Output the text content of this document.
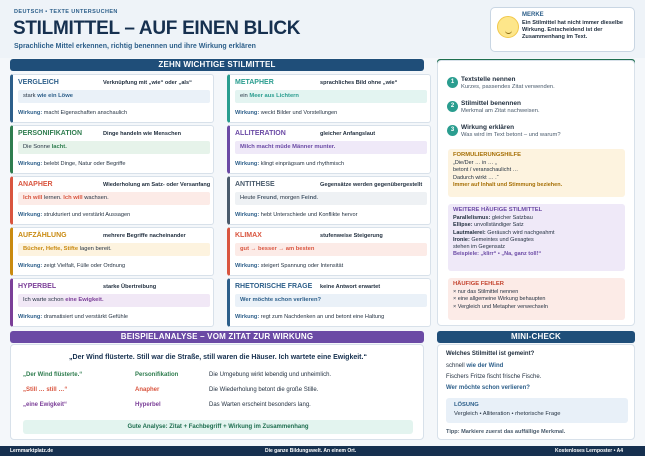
DEUTSCH • TEXTE UNTERSUCHEN
STILMITTEL – AUF EINEN BLICK
Sprachliche Mittel erkennen, richtig benennen und ihre Wirkung erklären
MERKE
Ein Stilmittel hat nicht immer dieselbe Wirkung. Entscheidend ist der Zusammenhang im Text.
ZEHN WICHTIGE STILMITTEL
VERGLEICH	Verknüpfung mit „wie“ oder „als“
stark wie ein Löwe
Wirkung: macht Eigenschaften anschaulich
METAPHER	sprachliches Bild ohne „wie“
ein Meer aus Lichtern
Wirkung: weckt Bilder und Vorstellungen
PERSONIFIKATION	Dinge handeln wie Menschen
Die Sonne lacht.
Wirkung: belebt Dinge, Natur oder Begriffe
ALLITERATION	gleicher Anfangslaut
Milch macht müde Männer munter.
Wirkung: klingt einprägsam und rhythmisch
ANAPHER	Wiederholung am Satz- oder Versanfang
Ich will lernen. Ich will wachsen.
Wirkung: strukturiert und verstärkt Aussagen
ANTITHESE	Gegensätze werden gegenübergestellt
Heute Freund, morgen Feind.
Wirkung: hebt Unterschiede und Konflikte hervor
AUFZÄHLUNG	mehrere Begriffe nacheinander
Bücher, Hefte, Stifte lagen bereit.
Wirkung: zeigt Vielfalt, Fülle oder Ordnung
KLIMAX	stufenweise Steigerung
gut → besser → am besten
Wirkung: steigert Spannung oder Intensität
HYPERBEL	starke Übertreibung
Ich warte schon eine Ewigkeit.
Wirkung: dramatisiert und verstärkt Gefühle
RHETORISCHE FRAGE keine Antwort erwartet
Wer möchte schon verlieren?
Wirkung: regt zum Nachdenken an und betont eine Haltung
1	Textstelle nennen
Kurzes, passendes Zitat verwenden.
2	Stilmittel benennen
Merkmal am Zitat nachweisen.
3	Wirkung erklären
Was wird im Text betont – und warum?
FORMULIERUNGSHILFE
„Die/Der … in … „
betont / veranschaulicht …
Dadurch wirkt … .“
Immer auf Inhalt und Stimmung beziehen.
WEITERE HÄUFIGE STILMITTEL
Parallelismus: gleicher Satzbau
Ellipse: unvollständiger Satz
Lautmalerei: Geräusch wird nachgeahmt
Ironie: Gemeintes und Gesagtes
stehen im Gegensatz
Beispiele: „klirr“ • „Na, ganz toll!“
HÄUFIGE FEHLER
× nur das Stilmittel nennen
× eine allgemeine Wirkung behaupten
× Vergleich und Metapher verwechseln
BEISPIELANALYSE – VOM ZITAT ZUR WIRKUNG
„Der Wind flüsterte. Still war die Straße, still waren die Häuser. Ich wartete eine Ewigkeit.“
„Der Wind flüsterte.“	Personifikation	Die Umgebung wirkt lebendig und unheimlich.
„Still … still …“	Anapher	Die Wiederholung betont die große Stille.
„eine Ewigkeit“	Hyperbel	Das Warten erscheint besonders lang.
Gute Analyse: Zitat + Fachbegriff + Wirkung im Zusammenhang
MINI-CHECK
Welches Stilmittel ist gemeint?
schnell wie der Wind
Fischers Fritze fischt frische Fische.
Wer möchte schon verlieren?
LÖSUNG
Vergleich • Alliteration • rhetorische Frage
Tipp: Markiere zuerst das auffällige Merkmal.
Lernmarktplatz.de	Die ganze Bildungswelt. An einem Ort.	Kostenloses Lernposter • A4
